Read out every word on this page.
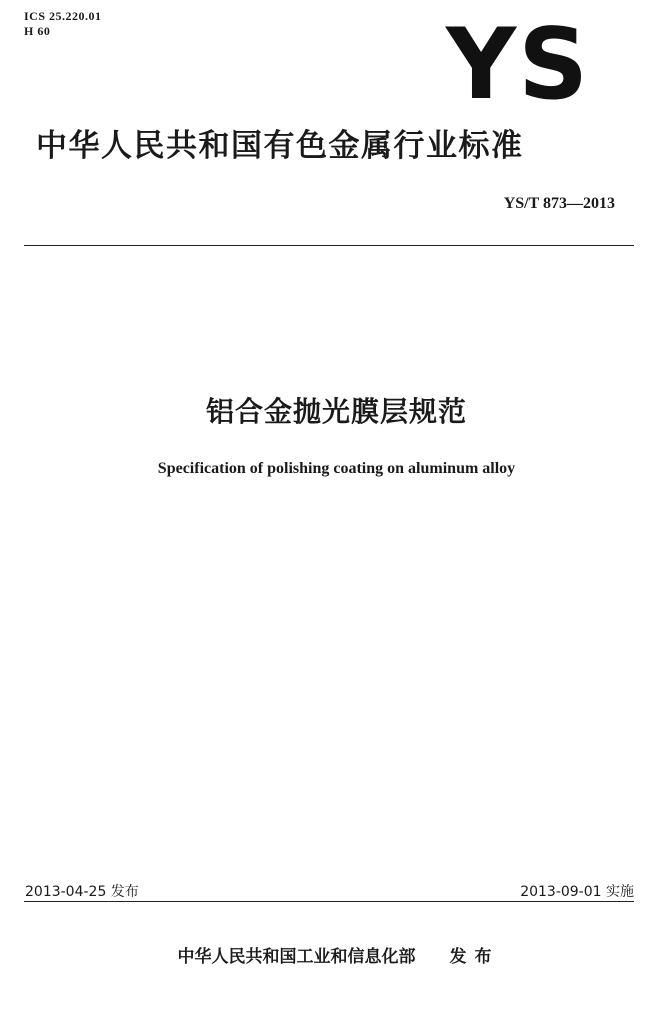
ICS 25.220.01
H 60	YS
中华人民共和国有色金属行业标准
YS/T 873—2013
铝合金抛光膜层规范
Specification of polishing coating on aluminum alloy
2013-04-25 发布	2013-09-01 实施
中华人民共和国工业和信息化部 发布
